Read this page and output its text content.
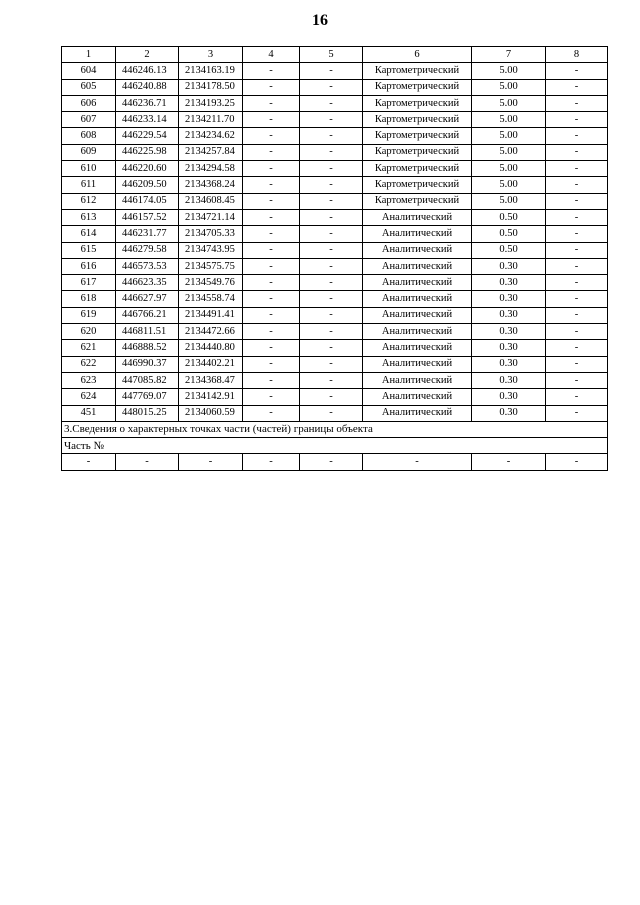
16
1	2	3	4	5	6	7	8
604	446246.13	2134163.19	-	-	Картометрический	5.00	-
605	446240.88	2134178.50	-	-	Картометрический	5.00	-
606	446236.71	2134193.25	-	-	Картометрический	5.00	-
607	446233.14	2134211.70	-	-	Картометрический	5.00	-
608	446229.54	2134234.62	-	-	Картометрический	5.00	-
609	446225.98	2134257.84	-	-	Картометрический	5.00	-
610	446220.60	2134294.58	-	-	Картометрический	5.00	-
611	446209.50	2134368.24	-	-	Картометрический	5.00	-
612	446174.05	2134608.45	-	-	Картометрический	5.00	-
613	446157.52	2134721.14	-	-	Аналитический	0.50	-
614	446231.77	2134705.33	-	-	Аналитический	0.50	-
615	446279.58	2134743.95	-	-	Аналитический	0.50	-
616	446573.53	2134575.75	-	-	Аналитический	0.30	-
617	446623.35	2134549.76	-	-	Аналитический	0.30	-
618	446627.97	2134558.74	-	-	Аналитический	0.30	-
619	446766.21	2134491.41	-	-	Аналитический	0.30	-
620	446811.51	2134472.66	-	-	Аналитический	0.30	-
621	446888.52	2134440.80	-	-	Аналитический	0.30	-
622	446990.37	2134402.21	-	-	Аналитический	0.30	-
623	447085.82	2134368.47	-	-	Аналитический	0.30	-
624	447769.07	2134142.91	-	-	Аналитический	0.30	-
451	448015.25	2134060.59	-	-	Аналитический	0.30	-
3.Сведения о характерных точках части (частей) границы объекта							
Часть №							
-	-	-	-	-	-	-	-
